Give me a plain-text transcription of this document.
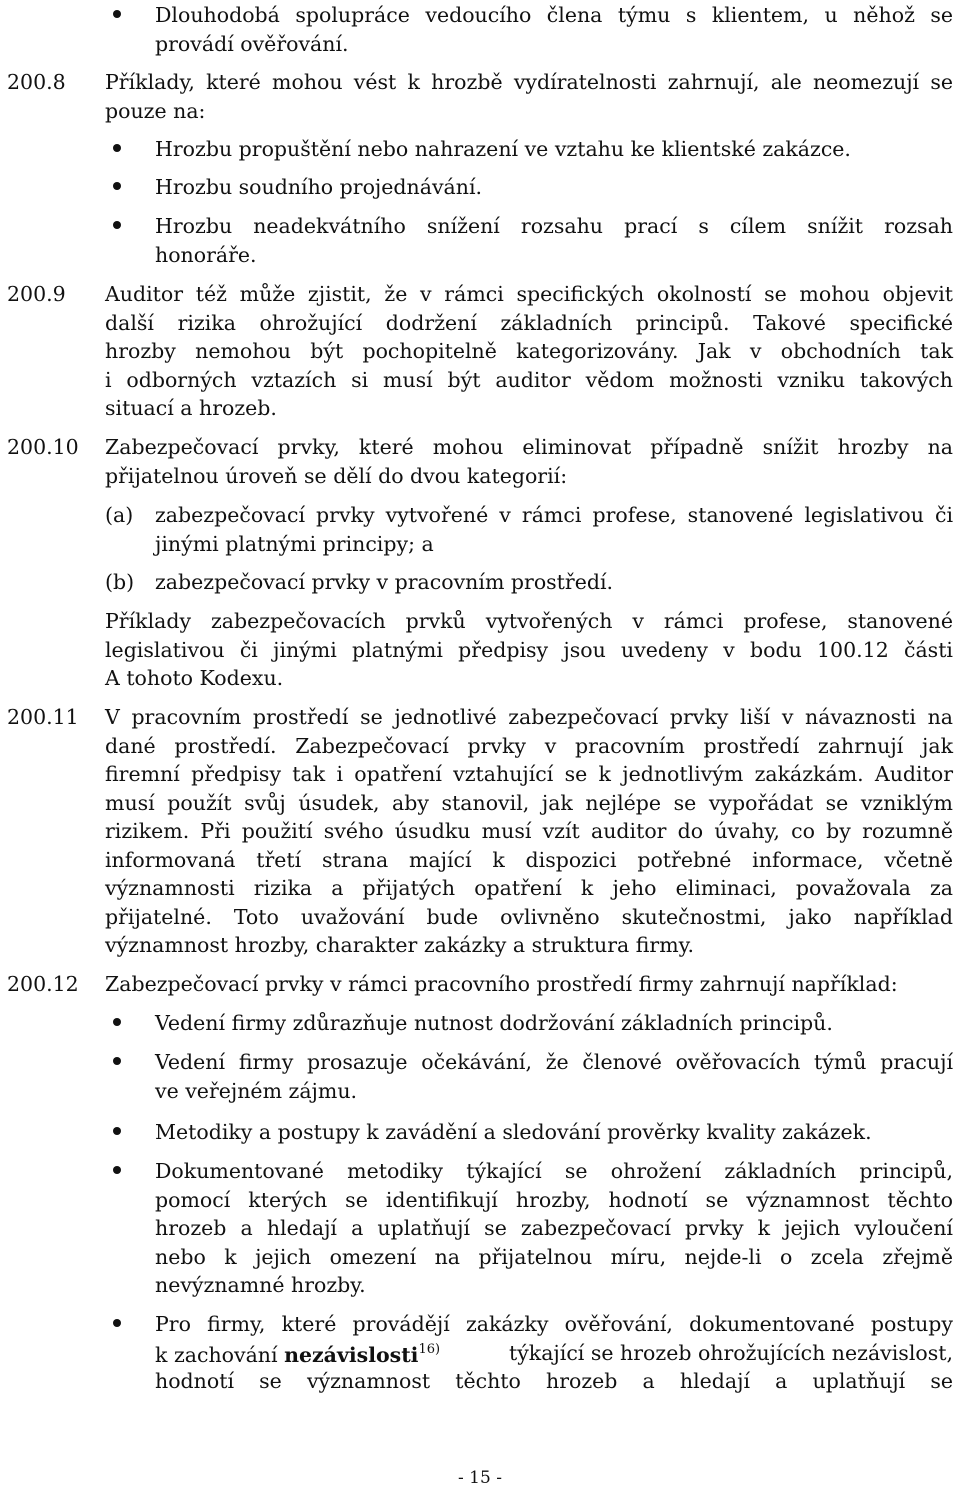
Dlouhodobá spolupráce vedoucího člena týmu s klientem, u něhož se
provádí ověřování.
200.8 Příklady, které mohou vést k hrozbě vydíratelnosti zahrnují, ale neomezují se
pouze na:
Hrozbu propuštění nebo nahrazení ve vztahu ke klientské zakázce.
Hrozbu soudního projednávání.
Hrozbu neadekvátního snížení rozsahu prací s cílem snížit rozsah
honoráře.
200.9 Auditor též může zjistit, že v rámci specifických okolností se mohou objevit
další rizika ohrožující dodržení základních principů. Takové specifické
hrozby nemohou být pochopitelně kategorizovány. Jak v obchodních tak
i odborných vztazích si musí být auditor vědom možnosti vzniku takových
situací a hrozeb.
200.10 Zabezpečovací prvky, které mohou eliminovat případně snížit hrozby na
přijatelnou úroveň se dělí do dvou kategorií:
(a) zabezpečovací prvky vytvořené v rámci profese, stanovené legislativou či
jinými platnými principy; a
(b) zabezpečovací prvky v pracovním prostředí.
Příklady zabezpečovacích prvků vytvořených v rámci profese, stanovené
legislativou či jinými platnými předpisy jsou uvedeny v bodu 100.12 části
A tohoto Kodexu.
200.11 V pracovním prostředí se jednotlivé zabezpečovací prvky liší v návaznosti na
dané prostředí. Zabezpečovací prvky v pracovním prostředí zahrnují jak
firemní předpisy tak i opatření vztahující se k jednotlivým zakázkám. Auditor
musí použít svůj úsudek, aby stanovil, jak nejlépe se vypořádat se vzniklým
rizikem. Při použití svého úsudku musí vzít auditor do úvahy, co by rozumně
informovaná třetí strana mající k dispozici potřebné informace, včetně
významnosti rizika a přijatých opatření k jeho eliminaci, považovala za
přijatelné. Toto uvažování bude ovlivněno skutečnostmi, jako například
významnost hrozby, charakter zakázky a struktura firmy.
200.12 Zabezpečovací prvky v rámci pracovního prostředí firmy zahrnují například:
Vedení firmy zdůrazňuje nutnost dodržování základních principů.
Vedení firmy prosazuje očekávání, že členové ověřovacích týmů pracují
ve veřejném zájmu.
Metodiky a postupy k zavádění a sledování prověrky kvality zakázek.
Dokumentované metodiky týkající se ohrožení základních principů,
pomocí kterých se identifikují hrozby, hodnotí se významnost těchto
hrozeb a hledají a uplatňují se zabezpečovací prvky k jejich vyloučení
nebo k jejich omezení na přijatelnou míru, nejde-li o zcela zřejmě
nevýznamné hrozby.
Pro firmy, které provádějí zakázky ověřování, dokumentované postupy
k zachování nezávislosti$^{16)}$	týkající se hrozeb ohrožujících nezávislost,
hodnotí se významnost těchto hrozeb a hledají a uplatňují se
- 15 -
